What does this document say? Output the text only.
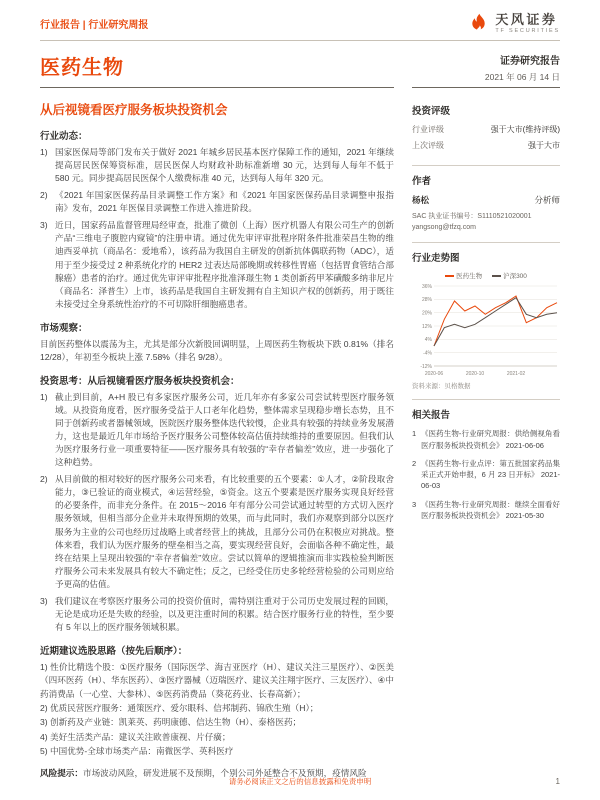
行业报告 | 行业研究周报	天风证券
TF SECURITIES
医药生物	证券研究报告
2021 年 06 月 14 日
从后视镜看医疗服务板块投资机会
行业动态：
1) 国家医保局等部门发布关于做好 2021 年城乡居民基本医疗保障工作的通知，2021 年继续提高居民医保筹资标准，居民医保人均财政补助标准新增 30 元，达到每人每年不低于 580 元。同步提高居民医保个人缴费标准 40 元，达到每人每年 320 元。

2) 《2021 年国家医保药品目录调整工作方案》和《2021 年国家医保药品目录调整申报指南》发布，2021 年医保目录调整工作进入推进阶段。

3) 近日，国家药品监督管理局经审查，批准了微创（上海）医疗机器人有限公司生产的创新产品“三维电子腹腔内窥镜”的注册申请。通过优先审评审批程序附条件批准荣昌生物的维迪西妥单抗（商品名：爱地希），该药品为我国自主研发的创新抗体偶联药物（ADC），适用于至少接受过 2 种系统化疗的 HER2 过表达局部晚期或转移性胃癌（包括胃食管结合部腺癌）患者的治疗。通过优先审评审批程序批准泽璟生物 1 类创新药甲苯磺酸多纳非尼片（商品名：泽普生）上市，该药品是我国自主研发拥有自主知识产权的创新药，用于既往未接受过全身系统性治疗的不可切除肝细胞癌患者。

市场观察：

目前医药整体以震荡为主，尤其是部分次新股回调明显，上周医药生物板块下跌 0.81%（排名 12/28），年初至今板块上涨 7.58%（排名 9/28）。

投资思考：从后视镜看医疗服务板块投资机会：
1) 截止到目前，A+H 股已有多家医疗服务公司，近几年亦有多家公司尝试转型医疗服务领域。从投资角度看，医疗服务受益于人口老年化趋势，整体需求呈现稳步增长态势，且不同于创新药或者器械领域，医院医疗服务整体迭代较慢，企业具有较强的持续业务发展潜力，这也是最近几年市场给予医疗服务公司整体较高估值持续维持的重要原因。但我们认为医疗服务行业一项重要特征——医疗服务具有较强的“幸存者偏差”效应，进一步强化了这种趋势。

2) 从目前做的相对较好的医疗服务公司来看，有比较重要的五个要素：①人才，②阶段取舍能力，③已验证的商业模式，④运营经验，⑤资金。这五个要素是医疗服务实现良好经营的必要条件，而非充分条件。在 2015～2016 年有部分公司尝试通过转型的方式切入医疗服务领域，但相当部分企业并未取得预期的效果，而与此同时，我们亦观察到部分以医疗服务为主业的公司也经历过战略上或者经营上的挑战，且部分公司仍在积极应对挑战。整体来看，我们认为医疗服务的壁垒相当之高，要实现经营良好，会面临各种不确定性，最终在结果上呈现出较强的“幸存者偏差”效应。尝试以简单的逻辑推演而非实践检验判断医疗服务公司未来发展具有较大不确定性；反之，已经受住历史多轮经营检验的公司则应给予更高的估值。

3) 我们建议在考察医疗服务公司的投资价值时，需特别注重对于公司历史发展过程的回顾，无论是成功还是失败的经验，以及更注重时间的积累。结合医疗服务行业的特性，至少要有 5 年以上的医疗服务领域积累。

近期建议选股思路（按先后顺序）：
1) 性价比精选个股：①医疗服务（国际医学、海吉亚医疗（H）、建议关注三星医疗）、②医美（四环医药（H）、华东医药）、③医疗器械（迈瑞医疗、建议关注翔宇医疗、三友医疗）、④中药消费品（一心堂、大参林）、⑤医药消费品（葵花药业、长春高新）；
2) 优质民营医疗服务：通策医疗、爱尔眼科、信邦制药、锦欣生殖（H）；
3) 创新药及产业链：凯莱英、药明康德、信达生物（H）、泰格医药；
4) 美好生活类产品：建议关注欧普康视、片仔癀；
5) 中国优势-全球市场类产品：南微医学、英科医疗
风险提示：市场波动风险，研发进展不及预期，个别公司外延整合不及预期，疫情风险
投资评级
行业评级	强于大市(维持评级)
上次评级	强于大市
作者
杨松	分析师
SAC 执业证书编号：S1110521020001
yangsong@tfzq.com
行业走势图
医药生物	沪深300
-12%
-4%
4%
12%
20%
28%
36%
2020-06	2020-10	2021-02
资料来源：贝格数据
相关报告
1 《医药生物-行业研究周报：供给侧视角看医疗服务板块投资机会》 2021-06-06
2 《医药生物-行业点评：第五批国家药品集采正式开始申报，6 月 23 日开标》 2021-06-03
3 《医药生物-行业研究周报：继续全面看好医疗服务板块投资机会》 2021-05-30
请务必阅读正文之后的信息披露和免责申明	1
